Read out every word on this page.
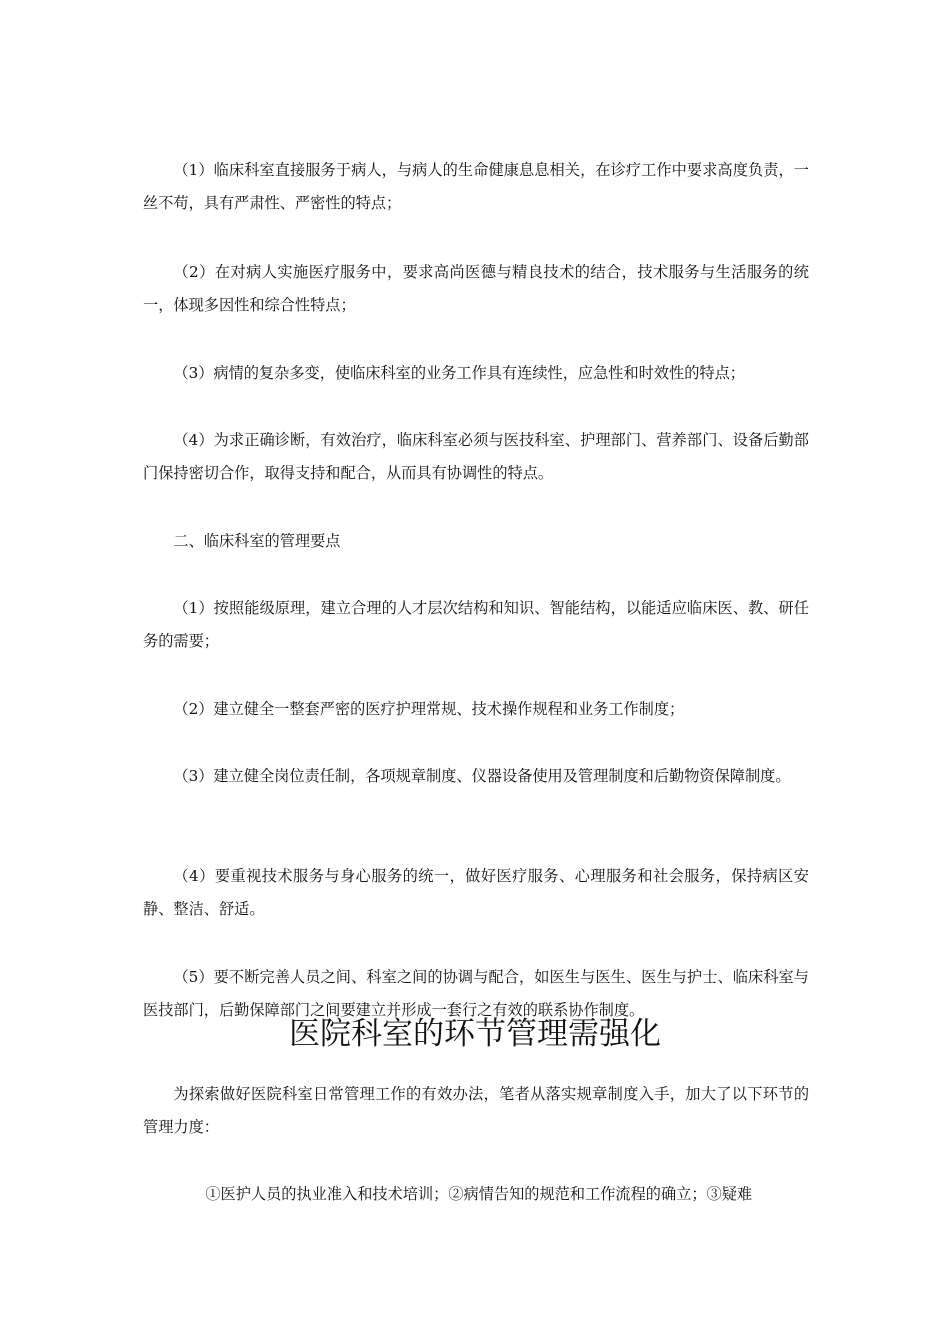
（1）临床科室直接服务于病人，与病人的生命健康息息相关，在诊疗工作中要求高度负责，一丝不苟，具有严肃性、严密性的特点；

（2）在对病人实施医疗服务中，要求高尚医德与精良技术的结合，技术服务与生活服务的统一，体现多因性和综合性特点；

（3）病情的复杂多变，使临床科室的业务工作具有连续性，应急性和时效性的特点；

（4）为求正确诊断，有效治疗，临床科室必须与医技科室、护理部门、营养部门、设备后勤部门保持密切合作，取得支持和配合，从而具有协调性的特点。

二、临床科室的管理要点

（1）按照能级原理，建立合理的人才层次结构和知识、智能结构，以能适应临床医、教、研任务的需要；

（2）建立健全一整套严密的医疗护理常规、技术操作规程和业务工作制度；

（3）建立健全岗位责任制，各项规章制度、仪器设备使用及管理制度和后勤物资保障制度。

（4）要重视技术服务与身心服务的统一，做好医疗服务、心理服务和社会服务，保持病区安静、整洁、舒适。

（5）要不断完善人员之间、科室之间的协调与配合，如医生与医生、医生与护士、临床科室与医技部门，后勤保障部门之间要建立并形成一套行之有效的联系协作制度。

医院科室的环节管理需强化

为探索做好医院科室日常管理工作的有效办法，笔者从落实规章制度入手，加大了以下环节的管理力度：

①医护人员的执业准入和技术培训；②病情告知的规范和工作流程的确立；③疑难
